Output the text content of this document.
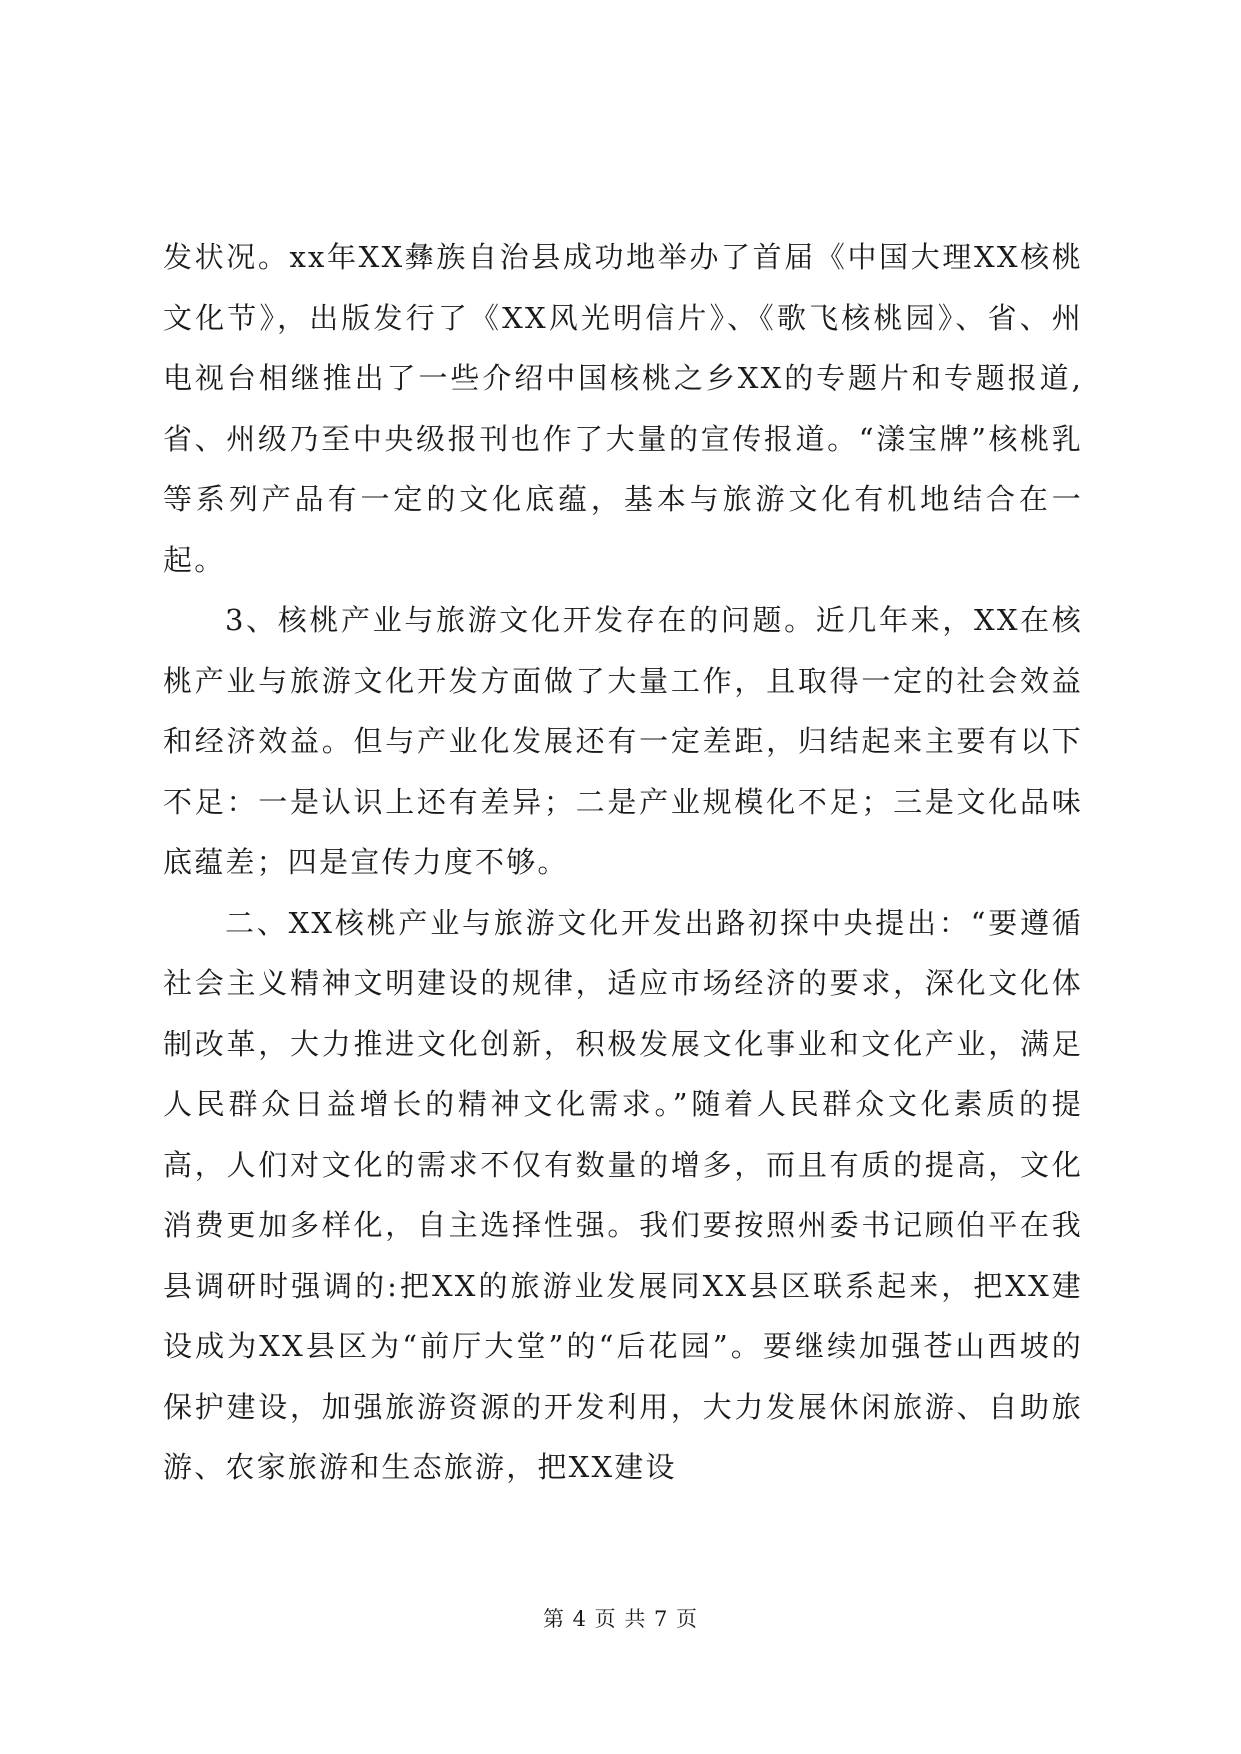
发状况。xx年XX彝族自治县成功地举办了首届《中国大理XX核桃文化节》，出版发行了《XX风光明信片》、《歌飞核桃园》、省、州电视台相继推出了一些介绍中国核桃之乡XX的专题片和专题报道,省、州级乃至中央级报刊也作了大量的宣传报道。“漾宝牌”核桃乳等系列产品有一定的文化底蕴，基本与旅游文化有机地结合在一起。

3、核桃产业与旅游文化开发存在的问题。近几年来，XX在核桃产业与旅游文化开发方面做了大量工作，且取得一定的社会效益和经济效益。但与产业化发展还有一定差距，归结起来主要有以下不足：一是认识上还有差异；二是产业规模化不足；三是文化品味底蕴差；四是宣传力度不够。

二、XX核桃产业与旅游文化开发出路初探中央提出：“要遵循社会主义精神文明建设的规律，适应市场经济的要求，深化文化体制改革，大力推进文化创新，积极发展文化事业和文化产业，满足人民群众日益增长的精神文化需求。”随着人民群众文化素质的提高，人们对文化的需求不仅有数量的增多，而且有质的提高，文化消费更加多样化，自主选择性强。我们要按照州委书记顾伯平在我县调研时强调的:把XX的旅游业发展同XX县区联系起来，把XX建设成为XX县区为“前厅大堂”的“后花园”。要继续加强苍山西坡的保护建设，加强旅游资源的开发利用，大力发展休闲旅游、自助旅游、农家旅游和生态旅游，把XX建设

第 4 页 共 7 页
